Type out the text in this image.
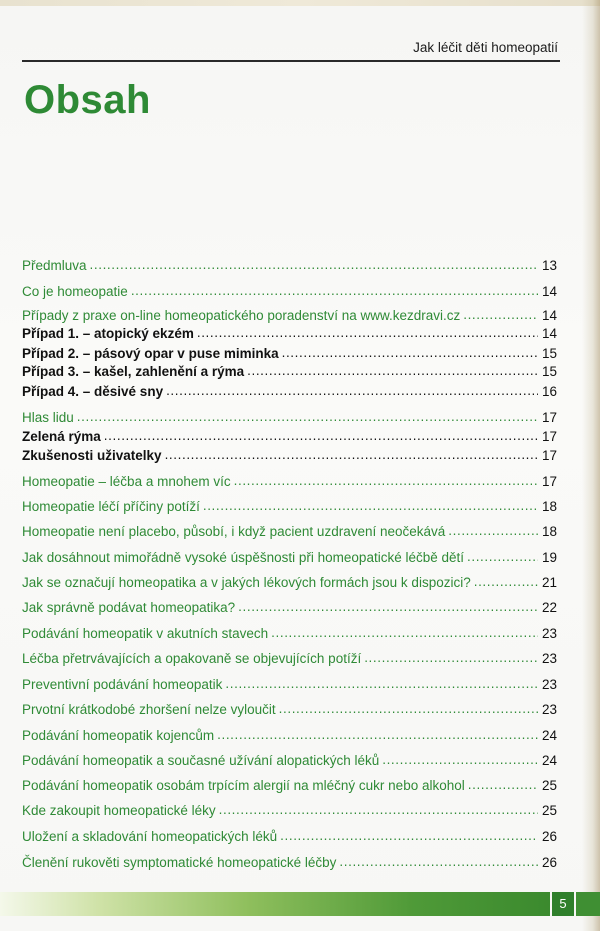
Jak léčit děti homeopatií
Obsah
Předmluva .....	13
Co je homeopatie .....	14
Případy z praxe on-line homeopatického poradenství na www.kezdravi.cz .....	14
Případ 1. – atopický ekzém .....	14
Případ 2. – pásový opar v puse miminka .....	15
Případ 3. – kašel, zahlenění a rýma .....	15
Případ 4. – děsivé sny .....	16
Hlas lidu .....	17
Zelená rýma .....	17
Zkušenosti uživatelky .....	17
Homeopatie – léčba a mnohem víc .....	17
Homeopatie léčí příčiny potíží .....	18
Homeopatie není placebo, působí, i když pacient uzdravení neočekává .....	18
Jak dosáhnout mimořádně vysoké úspěšnosti při homeopatické léčbě dětí .....	19
Jak se označují homeopatika a v jakých lékových formách jsou k dispozici? .....	21
Jak správně podávat homeopatika? .....	22
Podávání homeopatik v akutních stavech .....	23
Léčba přetrvávajících a opakovaně se objevujících potíží .....	23
Preventivní podávání homeopatik .....	23
Prvotní krátkodobé zhoršení nelze vyloučit .....	23
Podávání homeopatik kojencům .....	24
Podávání homeopatik a současné užívání alopatických léků .....	24
Podávání homeopatik osobám trpícím alergií na mléčný cukr nebo alkohol .....	25
Kde zakoupit homeopatické léky .....	25
Uložení a skladování homeopatických léků .....	26
Členění rukověti symptomatické homeopatické léčby .....	26
5
